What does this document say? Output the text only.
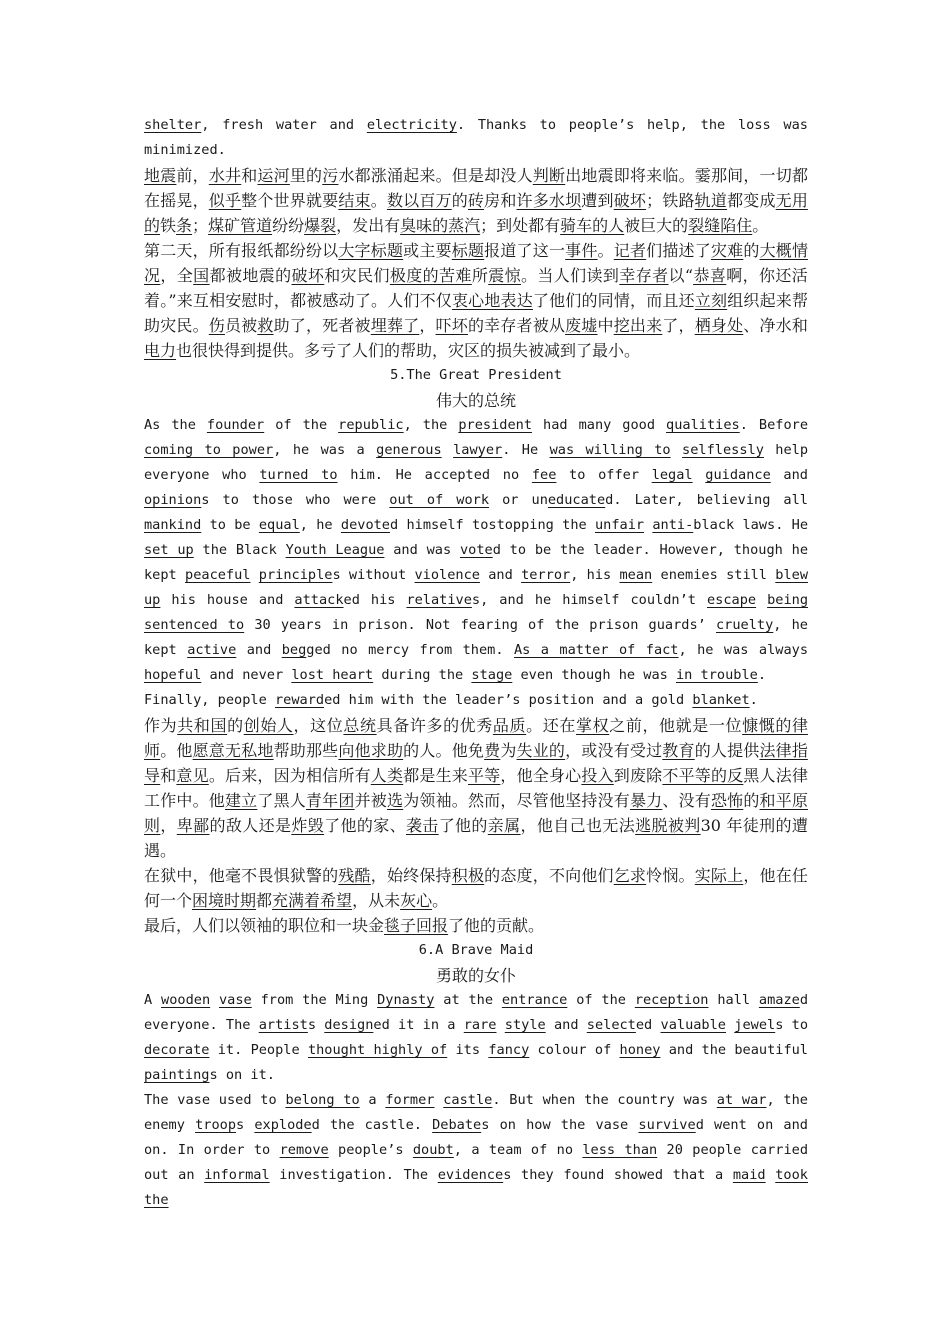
shelter, fresh water and electricity. Thanks to people’s help, the loss was minimized.

地震前，水井和运河里的污水都涨涌起来。但是却没人判断出地震即将来临。霎那间，一切都在摇晃，似乎整个世界就要结束。数以百万的砖房和许多水坝遭到破坏；铁路轨道都变成无用的铁条；煤矿管道纷纷爆裂，发出有臭味的蒸汽；到处都有骑车的人被巨大的裂缝陷住。

第二天，所有报纸都纷纷以大字标题或主要标题报道了这一事件。记者们描述了灾难的大概情况，全国都被地震的破坏和灾民们极度的苦难所震惊。当人们读到幸存者以“恭喜啊，你还活着。”来互相安慰时，都被感动了。人们不仅衷心地表达了他们的同情，而且还立刻组织起来帮助灾民。伤员被救助了，死者被埋葬了，吓坏的幸存者被从废墟中挖出来了，栖身处、净水和电力也很快得到提供。多亏了人们的帮助，灾区的损失被减到了最小。

5.The Great President

伟大的总统

As the founder of the republic, the president had many good qualities. Before coming to power, he was a generous lawyer. He was willing to selflessly help everyone who turned to him. He accepted no fee to offer legal guidance and opinions to those who were out of work or uneducated. Later, believing all mankind to be equal, he devoted himself tostopping the unfair anti-black laws. He set up the Black Youth League and was voted to be the leader. However, though he kept peaceful principles without violence and terror, his mean enemies still blew up his house and attacked his relatives, and he himself couldn’t escape being sentenced to 30 years in prison. Not fearing of the prison guards’ cruelty, he kept active and begged no mercy from them. As a matter of fact, he was always hopeful and never lost heart during the stage even though he was in trouble.

Finally, people rewarded him with the leader’s position and a gold blanket.

作为共和国的创始人，这位总统具备许多的优秀品质。还在掌权之前，他就是一位慷慨的律师。他愿意无私地帮助那些向他求助的人。他免费为失业的，或没有受过教育的人提供法律指导和意见。后来，因为相信所有人类都是生来平等，他全身心投入到废除不平等的反黑人法律工作中。他建立了黑人青年团并被选为领袖。然而，尽管他坚持没有暴力、没有恐怖的和平原则，卑鄙的敌人还是炸毁了他的家、袭击了他的亲属，他自己也无法逃脱被判30 年徒刑的遭遇。

在狱中，他毫不畏惧狱警的残酷，始终保持积极的态度，不向他们乞求怜悯。实际上，他在任何一个困境时期都充满着希望，从未灰心。

最后，人们以领袖的职位和一块金毯子回报了他的贡献。

6.A Brave Maid

勇敢的女仆

A wooden vase from the Ming Dynasty at the entrance of the reception hall amazed everyone. The artists designed it in a rare style and selected valuable jewels to decorate it. People thought highly of its fancy colour of honey and the beautiful paintings on it.

The vase used to belong to a former castle. But when the country was at war, the enemy troops exploded the castle. Debates on how the vase survived went on and on. In order to remove people’s doubt, a team of no less than 20 people carried out an informal investigation. The evidences they found showed that a maid took the
